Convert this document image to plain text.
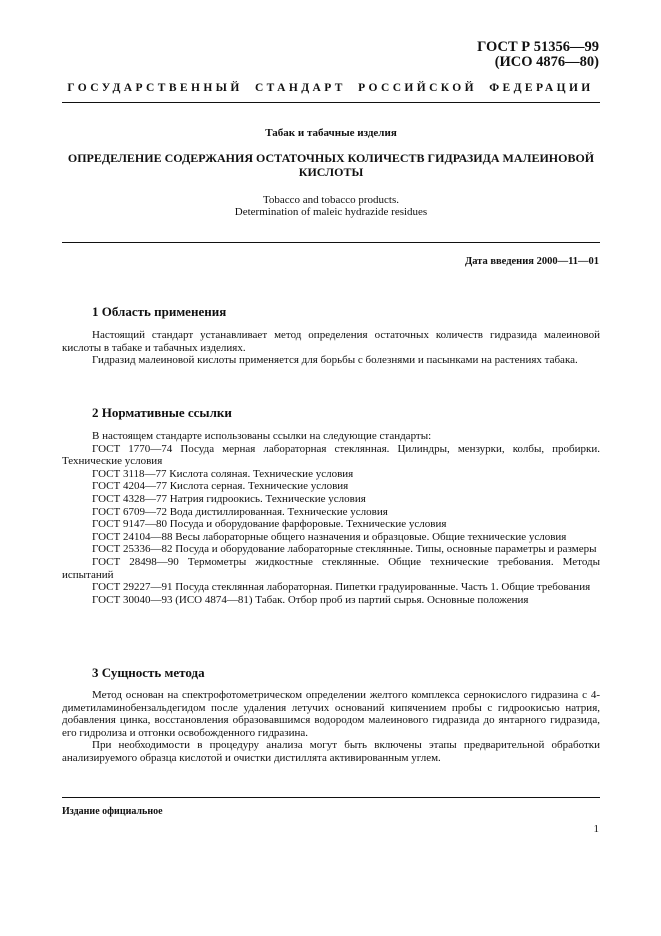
ГОСТ Р 51356—99
(ИСО 4876—80)
ГОСУДАРСТВЕННЫЙ СТАНДАРТ РОССИЙСКОЙ ФЕДЕРАЦИИ
Табак и табачные изделия
ОПРЕДЕЛЕНИЕ СОДЕРЖАНИЯ ОСТАТОЧНЫХ КОЛИЧЕСТВ ГИДРАЗИДА МАЛЕИНОВОЙ
КИСЛОТЫ
Tobacco and tobacco products.
Determination of maleic hydrazide residues
Дата введения 2000—11—01
1 Область применения

Настоящий стандарт устанавливает метод определения остаточных количеств гидразида малеиновой кислоты в табаке и табачных изделиях.

Гидразид малеиновой кислоты применяется для борьбы с болезнями и пасынками на растениях табака.

2 Нормативные ссылки

В настоящем стандарте использованы ссылки на следующие стандарты:

ГОСТ 1770—74 Посуда мерная лабораторная стеклянная. Цилиндры, мензурки, колбы, пробирки. Технические условия

ГОСТ 3118—77 Кислота соляная. Технические условия

ГОСТ 4204—77 Кислота серная. Технические условия

ГОСТ 4328—77 Натрия гидроокись. Технические условия

ГОСТ 6709—72 Вода дистиллированная. Технические условия

ГОСТ 9147—80 Посуда и оборудование фарфоровые. Технические условия

ГОСТ 24104—88 Весы лабораторные общего назначения и образцовые. Общие технические условия

ГОСТ 25336—82 Посуда и оборудование лабораторные стеклянные. Типы, основные параметры и размеры

ГОСТ 28498—90 Термометры жидкостные стеклянные. Общие технические требования. Методы испытаний

ГОСТ 29227—91 Посуда стеклянная лабораторная. Пипетки градуированные. Часть 1. Общие требования

ГОСТ 30040—93 (ИСО 4874—81) Табак. Отбор проб из партий сырья. Основные положения

3 Сущность метода

Метод основан на спектрофотометрическом определении желтого комплекса сернокислого гидразина с 4-диметиламинобензальдегидом после удаления летучих оснований кипячением пробы с гидроокисью натрия, добавления цинка, восстановления образовавшимся водородом малеинового гидразида до янтарного гидразида, его гидролиза и отгонки освобожденного гидразина.

При необходимости в процедуру анализа могут быть включены этапы предварительной обработки анализируемого образца кислотой и очистки дистиллята активированным углем.

Издание официальное
1
